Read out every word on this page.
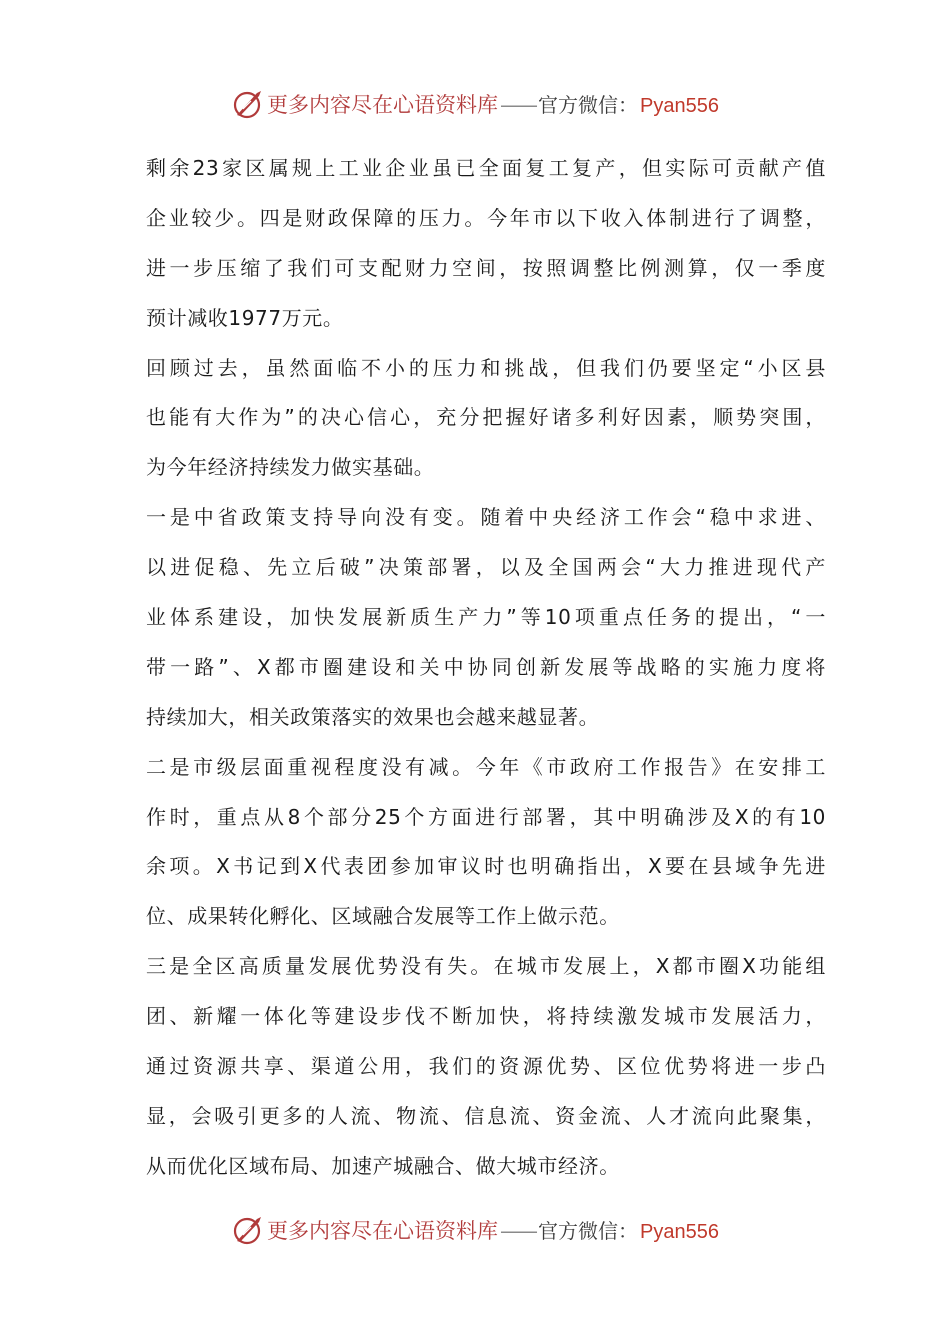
更多内容尽在心语资料库 —— 官方微信： Pyan556
剩余23家区属规上工业企业虽已全面复工复产，但实际可贡献产值
企业较少。四是财政保障的压力。今年市以下收入体制进行了调整，
进一步压缩了我们可支配财力空间，按照调整比例测算，仅一季度
预计减收1977万元。
回顾过去，虽然面临不小的压力和挑战，但我们仍要坚定“小区县
也能有大作为”的决心信心，充分把握好诸多利好因素，顺势突围，
为今年经济持续发力做实基础。
一是中省政策支持导向没有变。随着中央经济工作会“稳中求进、
以进促稳、先立后破”决策部署，以及全国两会“大力推进现代产
业体系建设，加快发展新质生产力”等10项重点任务的提出，“一
带一路”、X都市圈建设和关中协同创新发展等战略的实施力度将
持续加大，相关政策落实的效果也会越来越显著。
二是市级层面重视程度没有减。今年《市政府工作报告》在安排工
作时，重点从8个部分25个方面进行部署，其中明确涉及X的有10
余项。X书记到X代表团参加审议时也明确指出，X要在县域争先进
位、成果转化孵化、区域融合发展等工作上做示范。
三是全区高质量发展优势没有失。在城市发展上，X都市圈X功能组
团、新耀一体化等建设步伐不断加快，将持续激发城市发展活力，
通过资源共享、渠道公用，我们的资源优势、区位优势将进一步凸
显，会吸引更多的人流、物流、信息流、资金流、人才流向此聚集，
从而优化区域布局、加速产城融合、做大城市经济。
更多内容尽在心语资料库 —— 官方微信： Pyan556
